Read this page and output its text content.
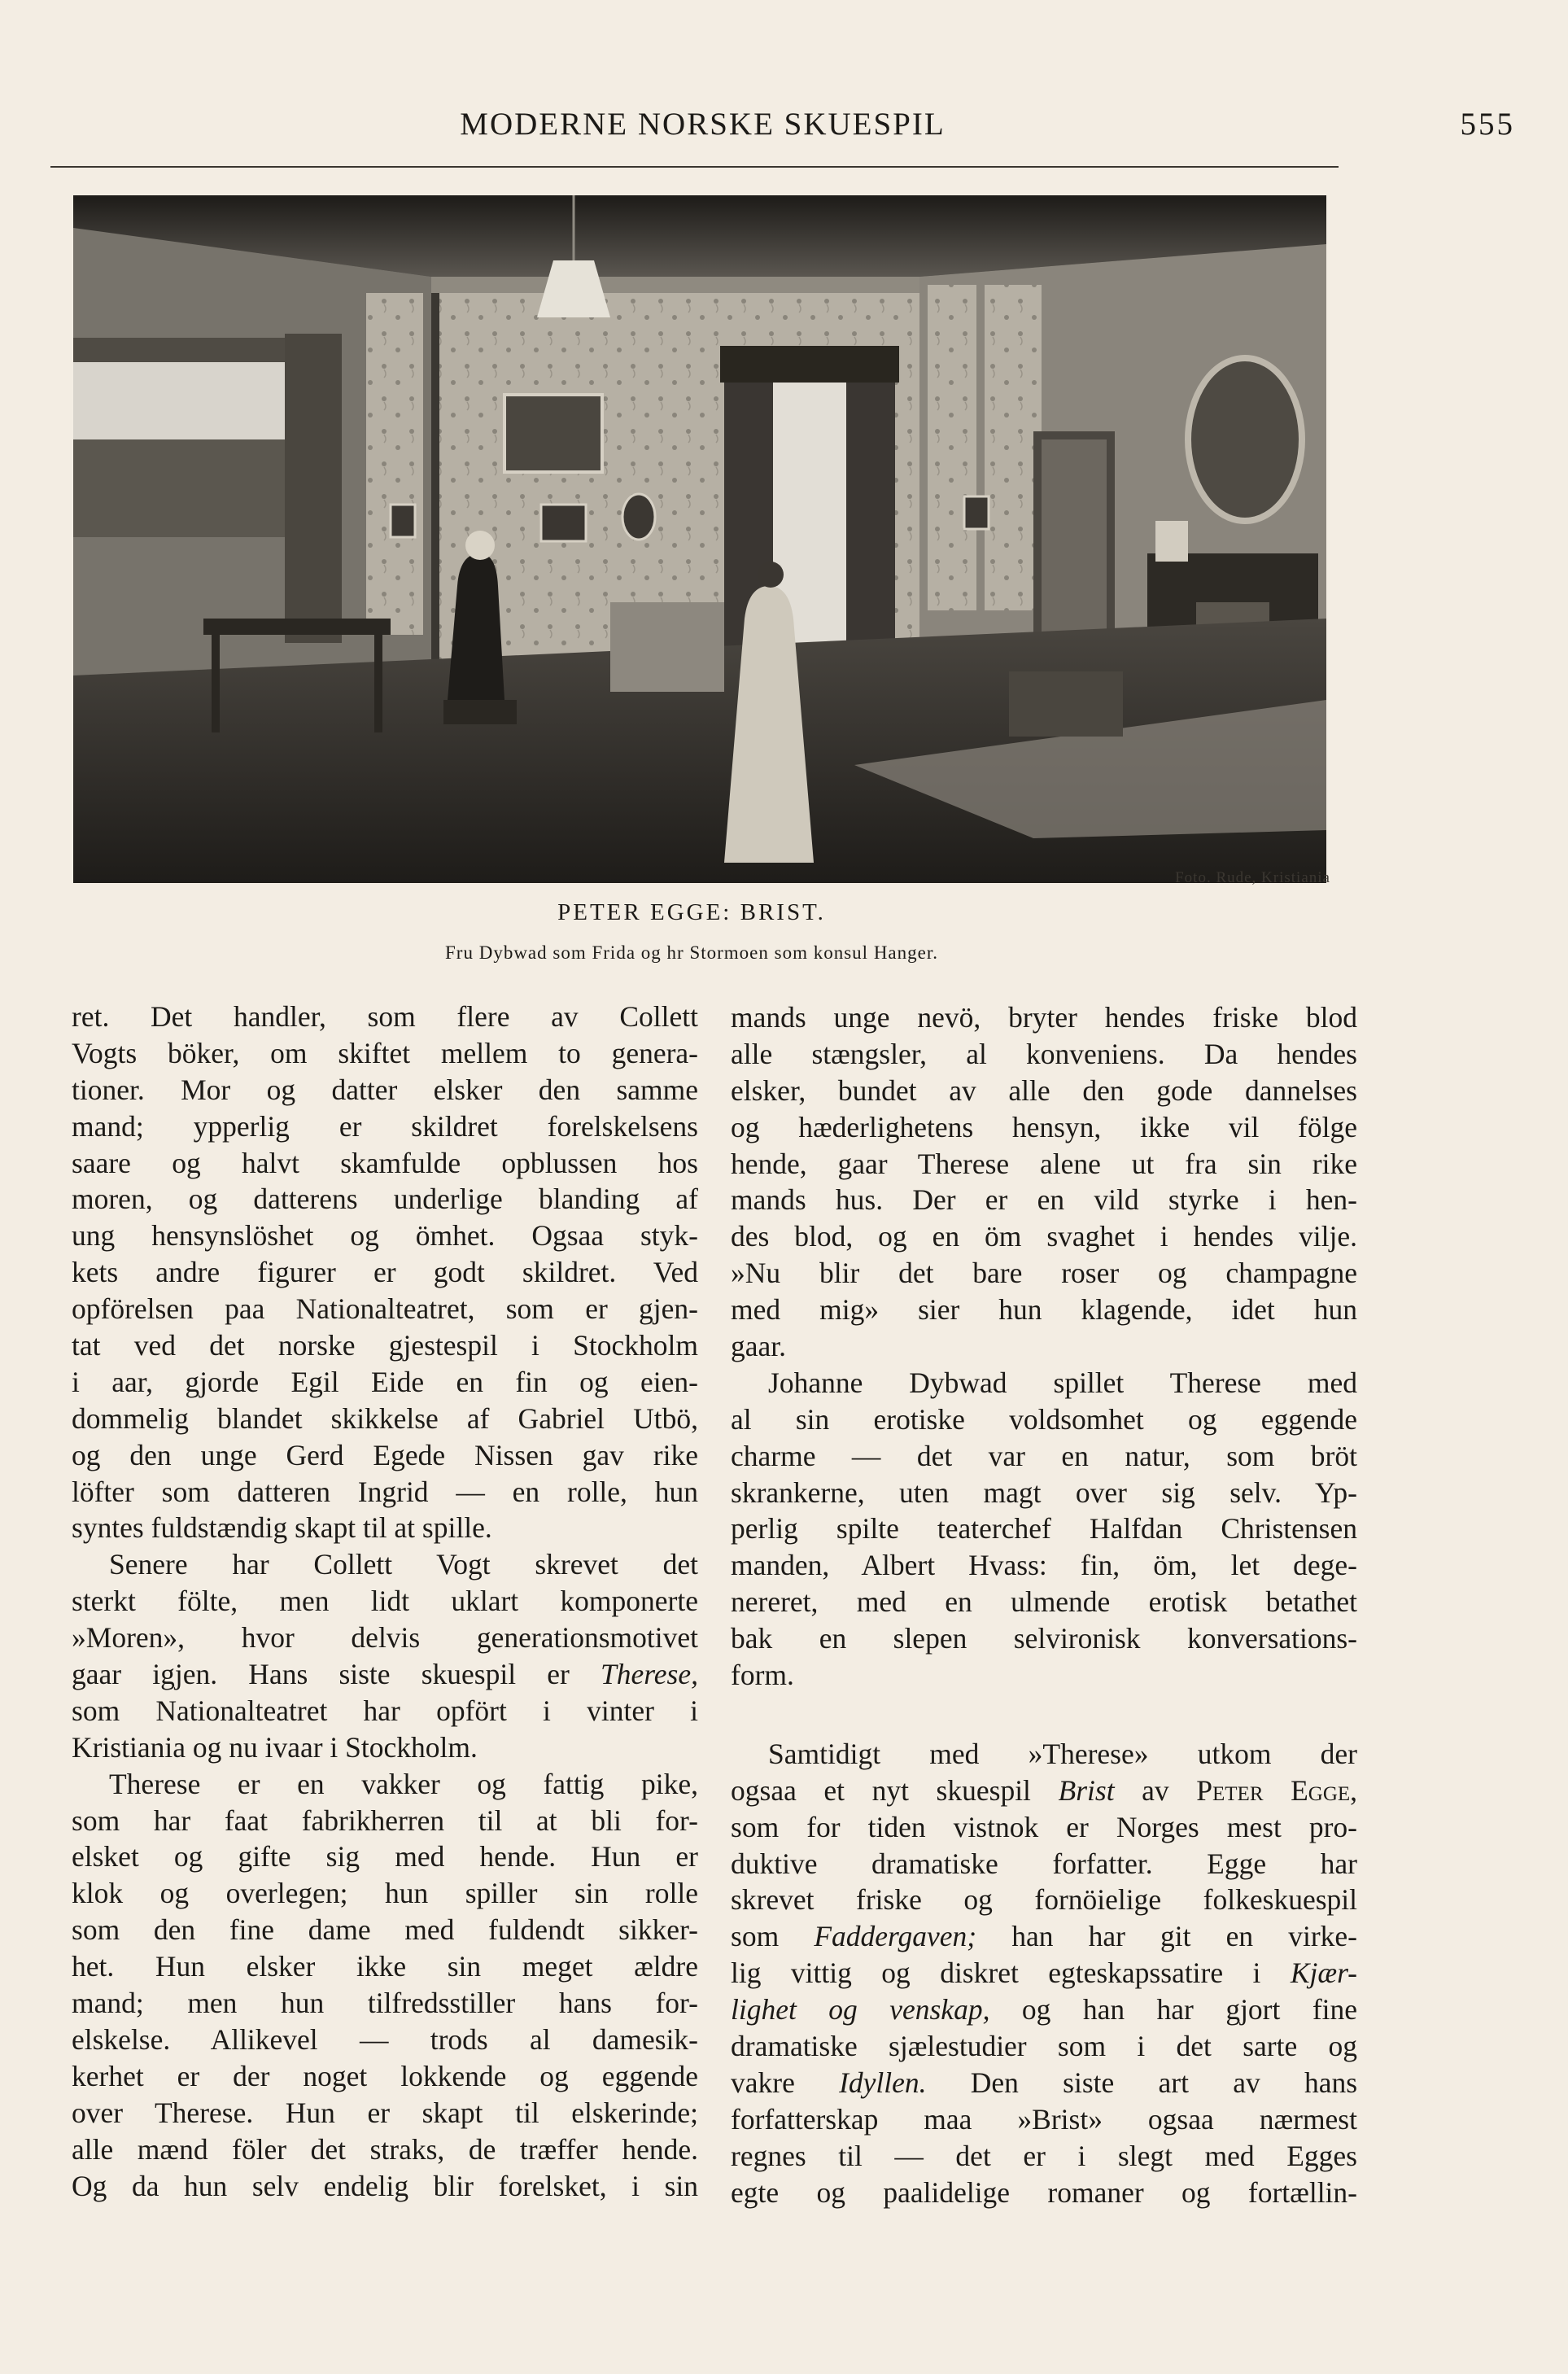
MODERNE NORSKE SKUESPIL	555
Foto. Rude, Kristiania
PETER EGGE: BRIST.
Fru Dybwad som Frida og hr Stormoen som konsul Hanger.
ret. Det handler, som flere av Collett
Vogts böker, om skiftet mellem to genera-
tioner. Mor og datter elsker den samme
mand; ypperlig er skildret forelskelsens
saare og halvt skamfulde opblussen hos
moren, og datterens underlige blanding af
ung hensynslöshet og ömhet. Ogsaa styk-
kets andre figurer er godt skildret. Ved
opförelsen paa Nationalteatret, som er gjen-
tat ved det norske gjestespil i Stockholm
i aar, gjorde Egil Eide en fin og eien-
dommelig blandet skikkelse af Gabriel Utbö,
og den unge Gerd Egede Nissen gav rike
löfter som datteren Ingrid — en rolle, hun
syntes fuldstændig skapt til at spille.
Senere har Collett Vogt skrevet det
sterkt fölte, men lidt uklart komponerte
»Moren», hvor delvis generationsmotivet
gaar igjen. Hans siste skuespil er Therese,
som Nationalteatret har opfört i vinter i
Kristiania og nu ivaar i Stockholm.
Therese er en vakker og fattig pike,
som har faat fabrikherren til at bli for-
elsket og gifte sig med hende. Hun er
klok og overlegen; hun spiller sin rolle
som den fine dame med fuldendt sikker-
het. Hun elsker ikke sin meget ældre
mand; men hun tilfredsstiller hans for-
elskelse. Allikevel — trods al damesik-
kerhet er der noget lokkende og eggende
over Therese. Hun er skapt til elskerinde;
alle mænd föler det straks, de træffer hende.
Og da hun selv endelig blir forelsket, i sin
mands unge nevö, bryter hendes friske blod
alle stængsler, al konveniens. Da hendes
elsker, bundet av alle den gode dannelses
og hæderlighetens hensyn, ikke vil fölge
hende, gaar Therese alene ut fra sin rike
mands hus. Der er en vild styrke i hen-
des blod, og en öm svaghet i hendes vilje.
»Nu blir det bare roser og champagne
med mig» sier hun klagende, idet hun
gaar.
Johanne Dybwad spillet Therese med
al sin erotiske voldsomhet og eggende
charme — det var en natur, som bröt
skrankerne, uten magt over sig selv. Yp-
perlig spilte teaterchef Halfdan Christensen
manden, Albert Hvass: fin, öm, let dege-
nereret, med en ulmende erotisk betathet
bak en slepen selvironisk konversations-
form.
Samtidigt med »Therese» utkom der
ogsaa et nyt skuespil Brist av Peter Egge,
som for tiden vistnok er Norges mest pro-
duktive dramatiske forfatter. Egge har
skrevet friske og fornöielige folkeskuespil
som Faddergaven; han har git en virke-
lig vittig og diskret egteskapssatire i Kjær-
lighet og venskap, og han har gjort fine
dramatiske sjælestudier som i det sarte og
vakre Idyllen. Den siste art av hans
forfatterskap maa »Brist» ogsaa nærmest
regnes til — det er i slegt med Egges
egte og paalidelige romaner og fortællin-
